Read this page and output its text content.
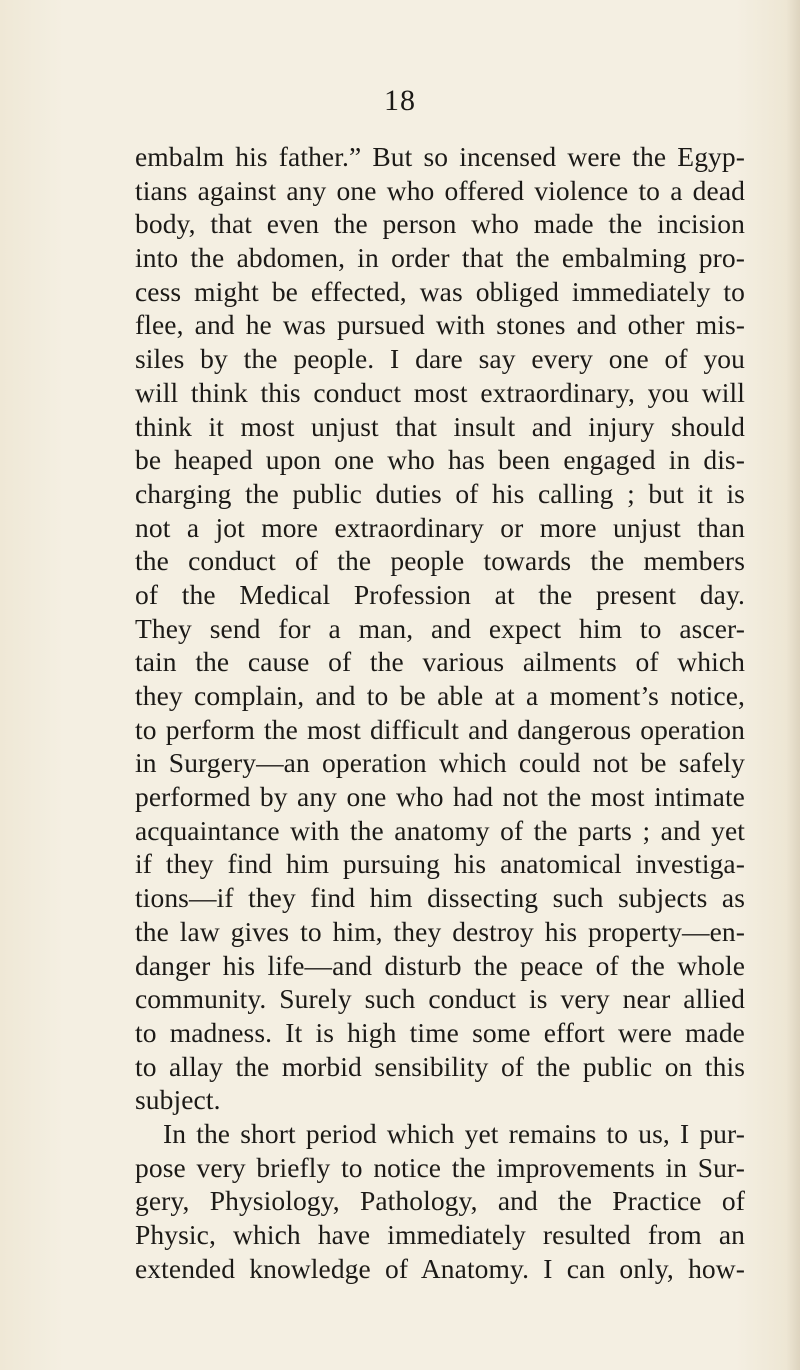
18
embalm his father.” But so incensed were the Egyp-
tians against any one who offered violence to a dead
body, that even the person who made the incision
into the abdomen, in order that the embalming pro-
cess might be effected, was obliged immediately to
flee, and he was pursued with stones and other mis-
siles by the people. I dare say every one of you
will think this conduct most extraordinary, you will
think it most unjust that insult and injury should
be heaped upon one who has been engaged in dis-
charging the public duties of his calling ; but it is
not a jot more extraordinary or more unjust than
the conduct of the people towards the members
of the Medical Profession at the present day.
They send for a man, and expect him to ascer-
tain the cause of the various ailments of which
they complain, and to be able at a moment’s notice,
to perform the most difficult and dangerous operation
in Surgery—an operation which could not be safely
performed by any one who had not the most intimate
acquaintance with the anatomy of the parts ; and yet
if they find him pursuing his anatomical investiga-
tions—if they find him dissecting such subjects as
the law gives to him, they destroy his property—en-
danger his life—and disturb the peace of the whole
community. Surely such conduct is very near allied
to madness. It is high time some effort were made
to allay the morbid sensibility of the public on this
subject.
In the short period which yet remains to us, I pur-
pose very briefly to notice the improvements in Sur-
gery, Physiology, Pathology, and the Practice of
Physic, which have immediately resulted from an
extended knowledge of Anatomy. I can only, how-
